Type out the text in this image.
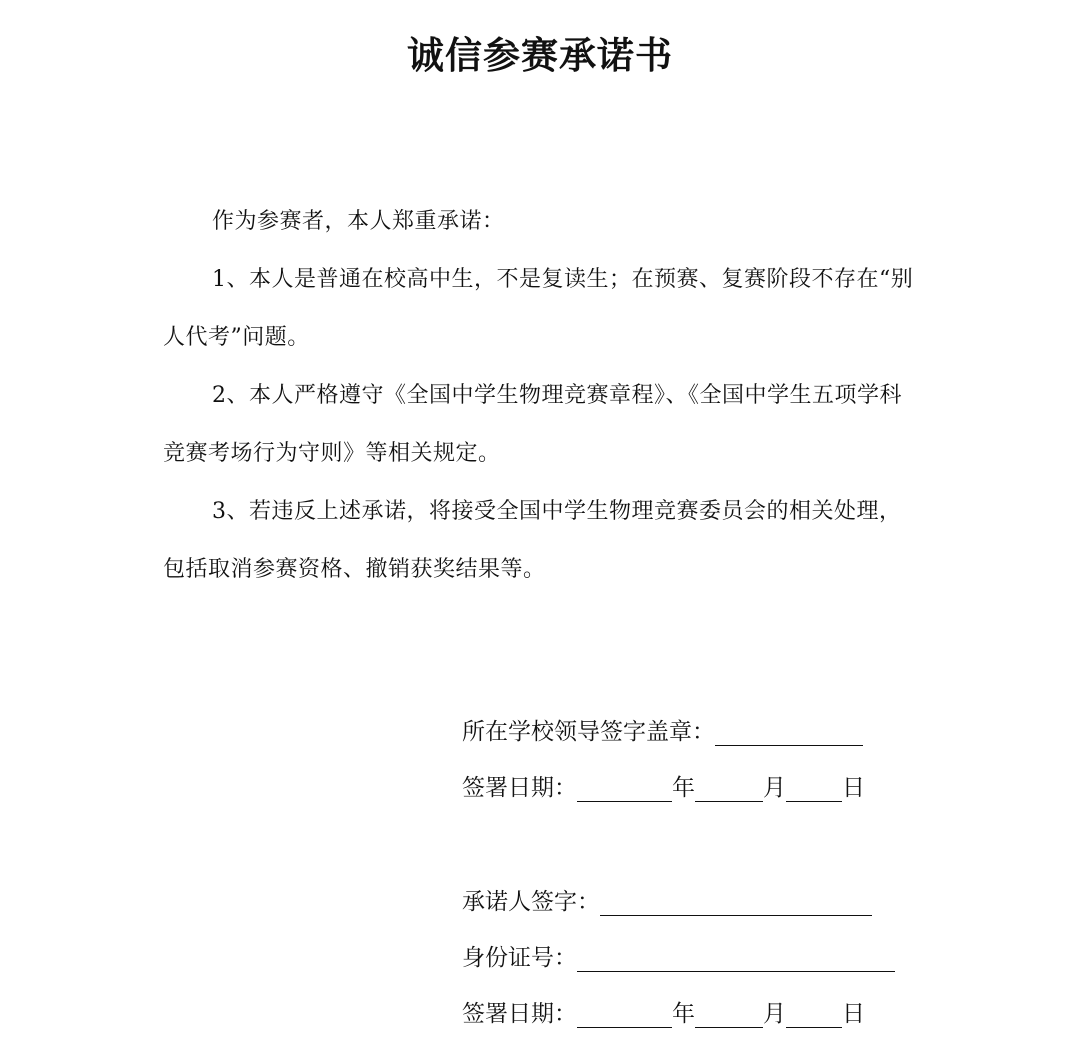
诚信参赛承诺书

作为参赛者，本人郑重承诺：

1、本人是普通在校高中生，不是复读生；在预赛、复赛阶段不存在“别人代考”问题。

2、本人严格遵守《全国中学生物理竞赛章程》、《全国中学生五项学科竞赛考场行为守则》等相关规定。

3、若违反上述承诺，将接受全国中学生物理竞赛委员会的相关处理，包括取消参赛资格、撤销获奖结果等。

所在学校领导签字盖章：
签署日期：	年	月 日
承诺人签字：
身份证号：
签署日期：	年	月 日
